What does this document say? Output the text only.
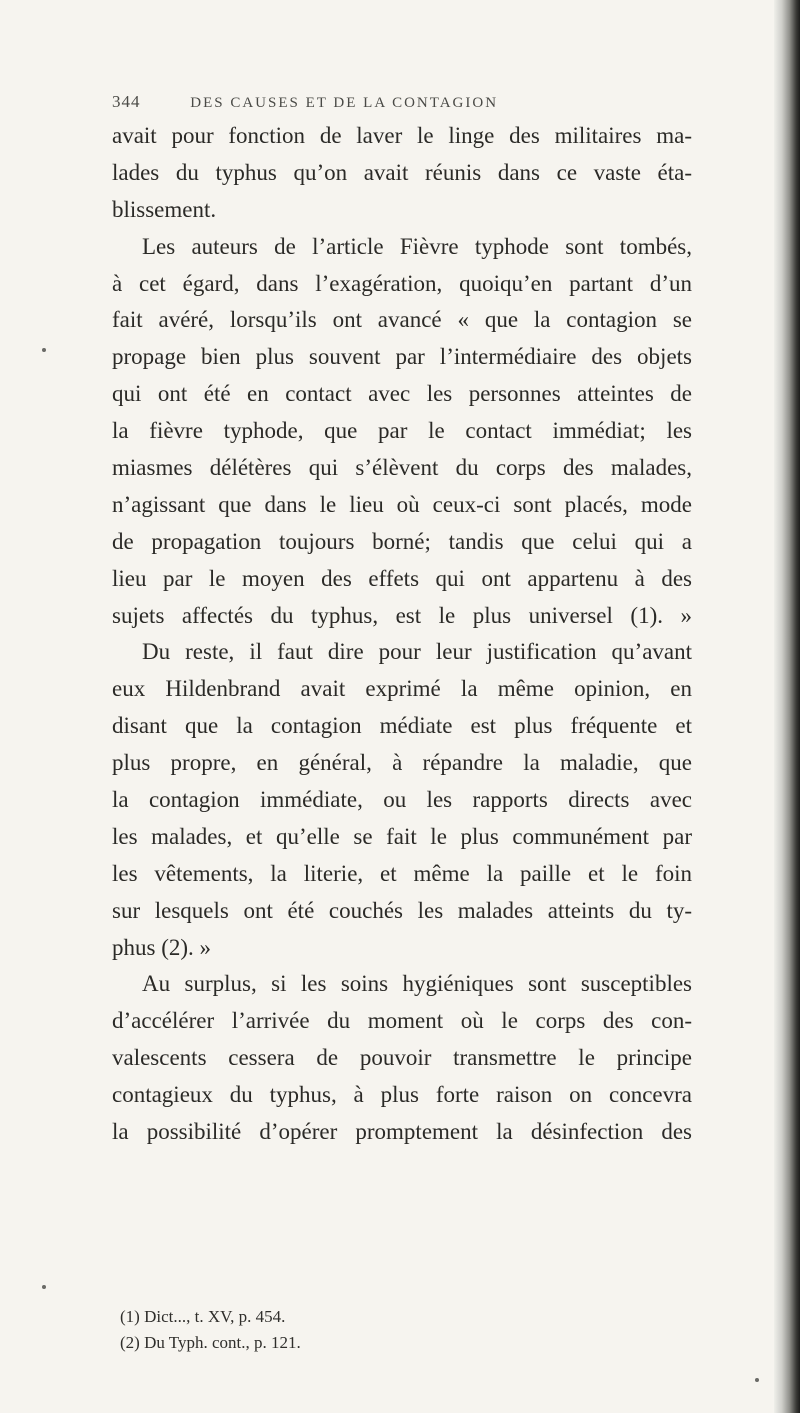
344	DES CAUSES ET DE LA CONTAGION
avait pour fonction de laver le linge des militaires ma-
lades du typhus qu’on avait réunis dans ce vaste éta-
blissement.
Les auteurs de l’article Fièvre typhode sont tombés,
à cet égard, dans l’exagération, quoiqu’en partant d’un
fait avéré, lorsqu’ils ont avancé « que la contagion se
propage bien plus souvent par l’intermédiaire des objets
qui ont été en contact avec les personnes atteintes de
la fièvre typhode, que par le contact immédiat; les
miasmes délétères qui s’élèvent du corps des malades,
n’agissant que dans le lieu où ceux-ci sont placés, mode
de propagation toujours borné; tandis que celui qui a
lieu par le moyen des effets qui ont appartenu à des
sujets affectés du typhus, est le plus universel (1). »
Du reste, il faut dire pour leur justification qu’avant
eux Hildenbrand avait exprimé la même opinion, en
disant que la contagion médiate est plus fréquente et
plus propre, en général, à répandre la maladie, que
la contagion immédiate, ou les rapports directs avec
les malades, et qu’elle se fait le plus communément par
les vêtements, la literie, et même la paille et le foin
sur lesquels ont été couchés les malades atteints du ty-
phus (2). »
Au surplus, si les soins hygiéniques sont susceptibles
d’accélérer l’arrivée du moment où le corps des con-
valescents cessera de pouvoir transmettre le principe
contagieux du typhus, à plus forte raison on concevra
la possibilité d’opérer promptement la désinfection des
(1) Dict..., t. XV, p. 454.
(2) Du Typh. cont., p. 121.
